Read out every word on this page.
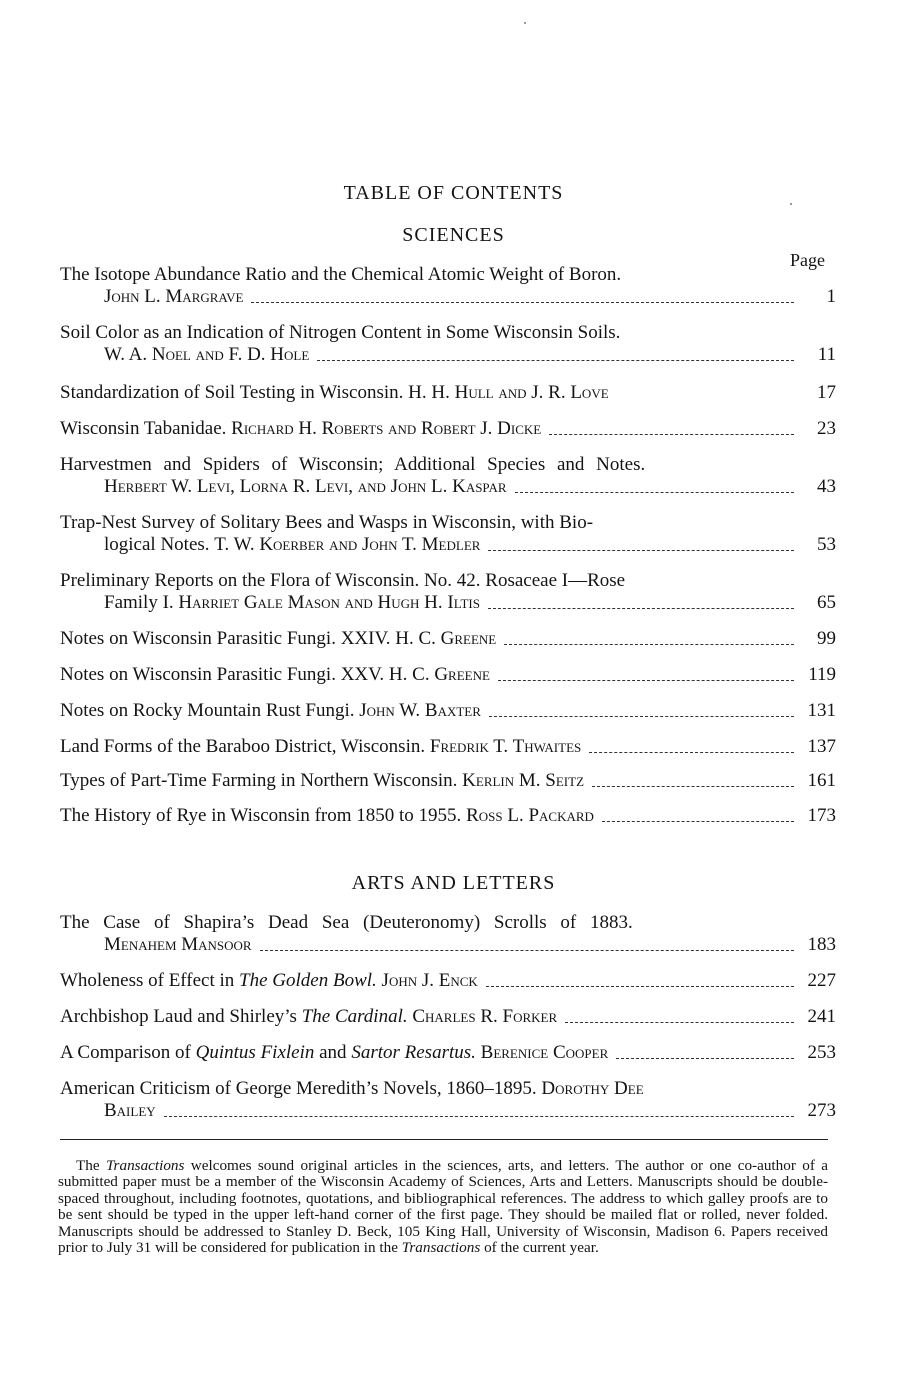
TABLE OF CONTENTS
SCIENCES
Page
The Isotope Abundance Ratio and the Chemical Atomic Weight of Boron.
John L. Margrave	1
Soil Color as an Indication of Nitrogen Content in Some Wisconsin Soils.
W. A. Noel and F. D. Hole	11
Standardization of Soil Testing in Wisconsin. H. H. Hull and J. R. Love	17
Wisconsin Tabanidae. Richard H. Roberts and Robert J. Dicke	23
Harvestmen and Spiders of Wisconsin; Additional Species and Notes.
Herbert W. Levi, Lorna R. Levi, and John L. Kaspar	43
Trap-Nest Survey of Solitary Bees and Wasps in Wisconsin, with Bio-
logical Notes. T. W. Koerber and John T. Medler	53
Preliminary Reports on the Flora of Wisconsin. No. 42. Rosaceae I—Rose
Family I. Harriet Gale Mason and Hugh H. Iltis	65
Notes on Wisconsin Parasitic Fungi. XXIV. H. C. Greene	99
Notes on Wisconsin Parasitic Fungi. XXV. H. C. Greene	119
Notes on Rocky Mountain Rust Fungi. John W. Baxter	131
Land Forms of the Baraboo District, Wisconsin. Fredrik T. Thwaites	137
Types of Part-Time Farming in Northern Wisconsin. Kerlin M. Seitz	161
The History of Rye in Wisconsin from 1850 to 1955. Ross L. Packard	173
ARTS AND LETTERS
The Case of Shapira’s Dead Sea (Deuteronomy) Scrolls of 1883.
Menahem Mansoor	183
Wholeness of Effect in The Golden Bowl. John J. Enck	227
Archbishop Laud and Shirley’s The Cardinal. Charles R. Forker	241
A Comparison of Quintus Fixlein and Sartor Resartus. Berenice Cooper	253
American Criticism of George Meredith’s Novels, 1860–1895. Dorothy Dee
Bailey	273

The Transactions welcomes sound original articles in the sciences, arts, and letters. The author or one co-author of a submitted paper must be a member of the Wisconsin Academy of Sciences, Arts and Letters. Manuscripts should be double-spaced throughout, including footnotes, quotations, and bibliographical references. The address to which galley proofs are to be sent should be typed in the upper left-hand corner of the first page. They should be mailed flat or rolled, never folded. Manuscripts should be addressed to Stanley D. Beck, 105 King Hall, University of Wisconsin, Madison 6. Papers received prior to July 31 will be considered for publication in the Transactions of the current year.
